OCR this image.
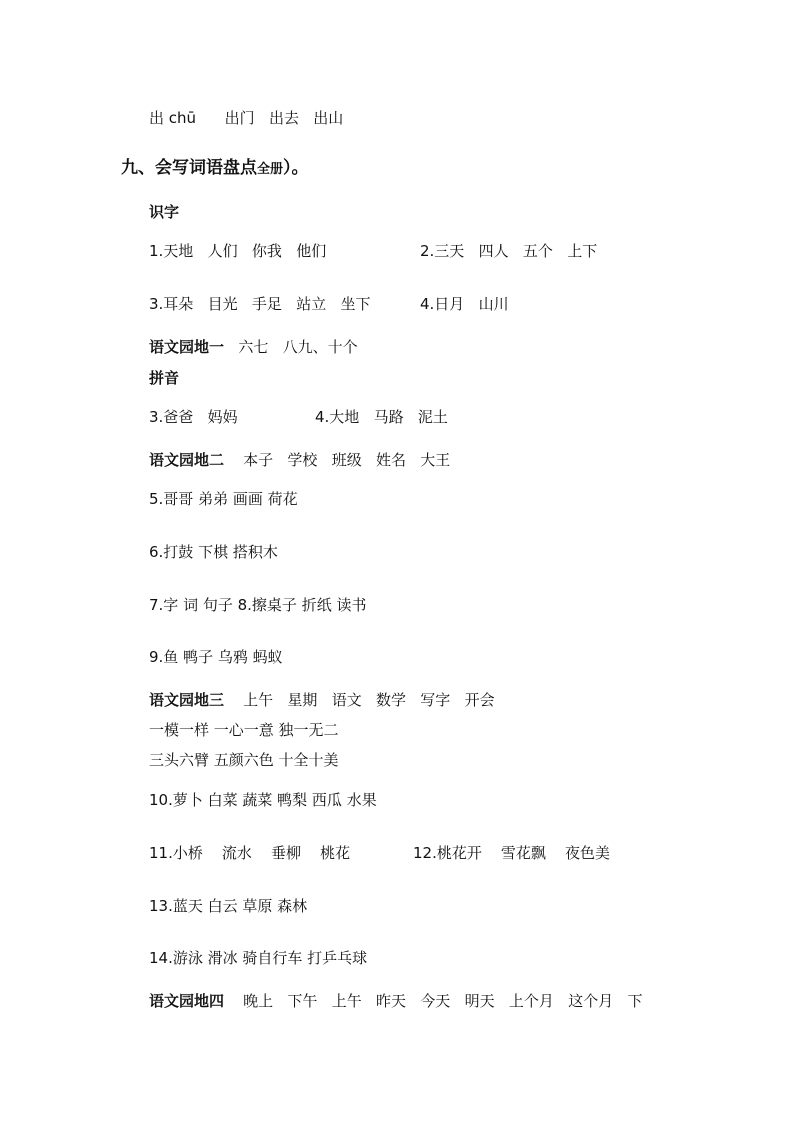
出 chū 出门   出去   出山
九、会写词语盘点全册）。
识字
1.天地   人们   你我   他们	2.三天   四人   五个   上下
3.耳朵   目光   手足   站立   坐下	4.日月   山川
语文园地一 六七   八九、十个
拼音
3.爸爸   妈妈	4.大地   马路   泥土
语文园地二 本子   学校   班级   姓名   大王
5.哥哥 弟弟 画画 荷花
6.打鼓 下棋 搭积木
7.字 词 句子 8.擦桌子 折纸 读书
9.鱼 鸭子 乌鸦 蚂蚁
语文园地三 上午   星期   语文   数学   写字   开会
一模一样 一心一意 独一无二
三头六臂 五颜六色 十全十美
10.萝卜 白菜 蔬菜 鸭梨 西瓜 水果
11.小桥    流水    垂柳    桃花	12.桃花开    雪花飘    夜色美
13.蓝天 白云 草原 森林
14.游泳 滑冰 骑自行车 打乒乓球
语文园地四 晚上   下午   上午   昨天   今天   明天   上个月   这个月   下
